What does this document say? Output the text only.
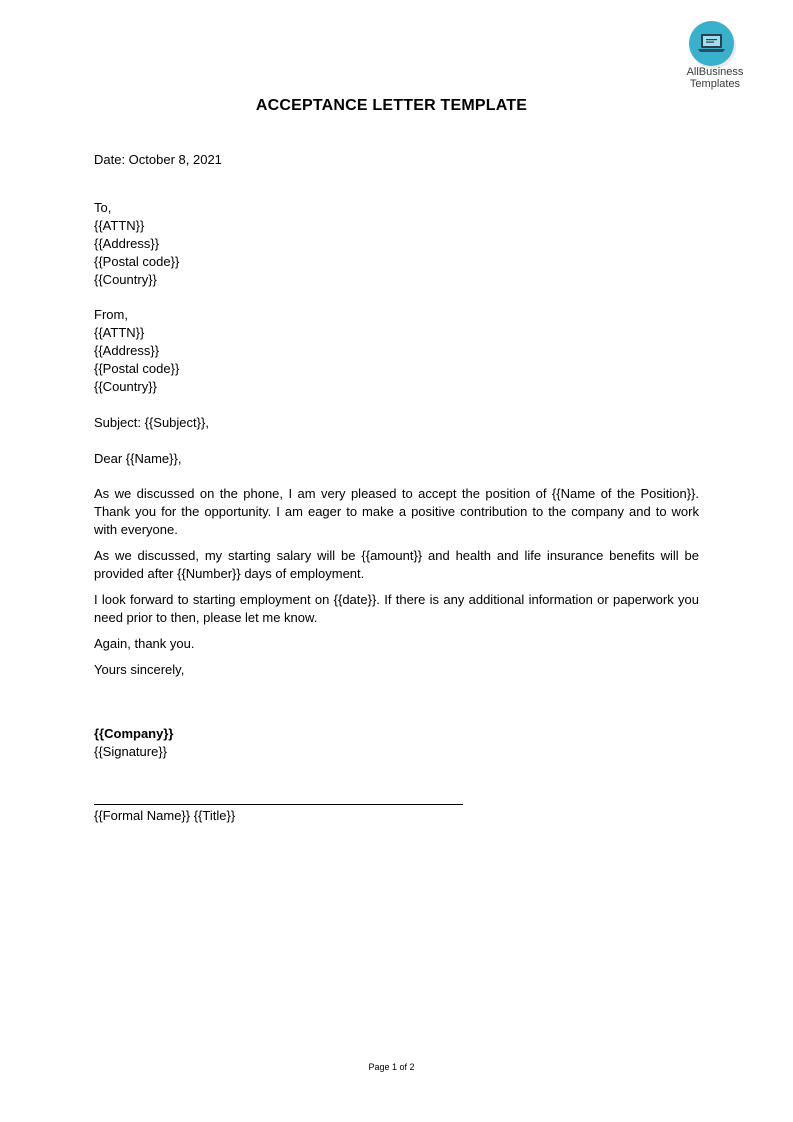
AllBusiness
Templates
ACCEPTANCE LETTER TEMPLATE
Date: October 8, 2021
To,
{{ATTN}}
{{Address}}
{{Postal code}}
{{Country}}
From,
{{ATTN}}
{{Address}}
{{Postal code}}
{{Country}}
Subject: {{Subject}},
Dear {{Name}},
As we discussed on the phone, I am very pleased to accept the position of {{Name of the Position}}. Thank you for the opportunity. I am eager to make a positive contribution to the company and to work with everyone.
As we discussed, my starting salary will be {{amount}} and health and life insurance benefits will be provided after {{Number}} days of employment.
I look forward to starting employment on {{date}}. If there is any additional information or paperwork you need prior to then, please let me know.
Again, thank you.
Yours sincerely,
{{Company}}
{{Signature}}
{{Formal Name}} {{Title}}
Page 1 of 2
